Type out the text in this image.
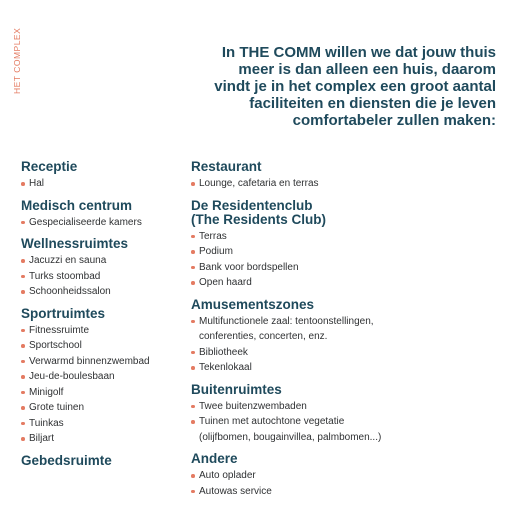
HET COMPLEX	In THE COMM willen we dat jouw thuis
meer is dan alleen een huis, daarom
vindt je in het complex een groot aantal
faciliteiten en diensten die je leven
comfortabeler zullen maken:
Receptie
Hal
Medisch centrum
Gespecialiseerde kamers
Wellnessruimtes
Jacuzzi en sauna
Turks stoombad
Schoonheidssalon
Sportruimtes
Fitnessruimte
Sportschool
Verwarmd binnenzwembad
Jeu-de-boulesbaan
Minigolf
Grote tuinen
Tuinkas
Biljart
Gebedsruimte
Restaurant
Lounge, cafetaria en terras
De Residentenclub
(The Residents Club)
Terras
Podium
Bank voor bordspellen
Open haard
Amusementszones
Multifunctionele zaal: tentoonstellingen,
conferenties, concerten, enz.
Bibliotheek
Tekenlokaal
Buitenruimtes
Twee buitenzwembaden
Tuinen met autochtone vegetatie
(olijfbomen, bougainvillea, palmbomen...)
Andere
Auto oplader
Autowas service
